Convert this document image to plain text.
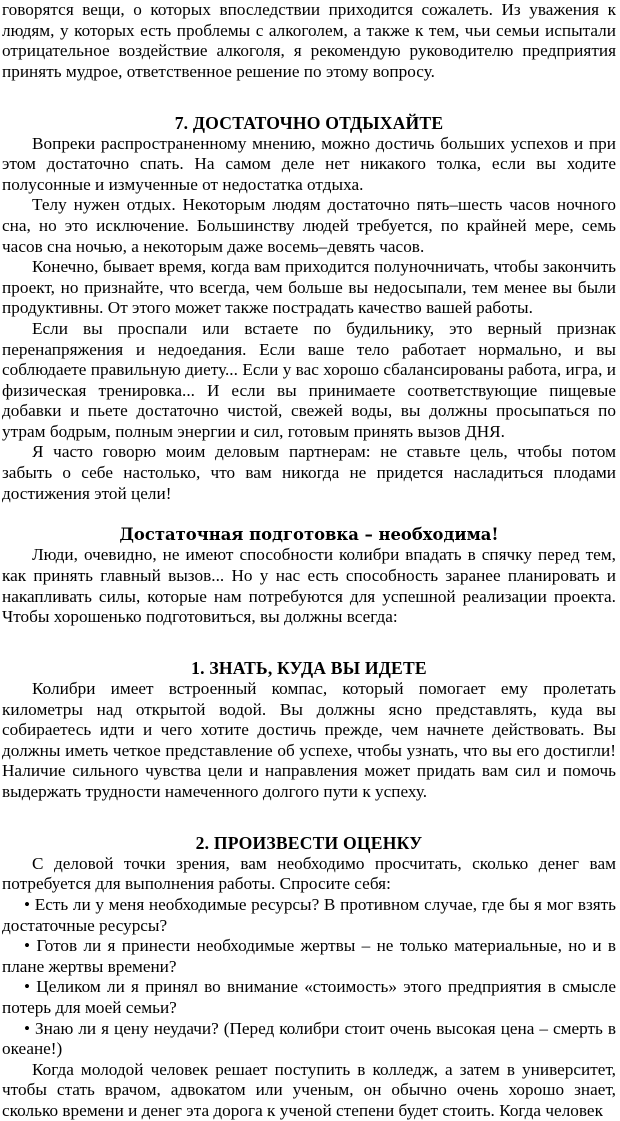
говорятся вещи, о которых впоследствии приходится сожалеть. Из уважения к людям, у которых есть проблемы с алкоголем, а также к тем, чьи семьи испытали отрицательное воздействие алкоголя, я рекомендую руководителю предприятия принять мудрое, ответственное решение по этому вопросу.

7. ДОСТАТОЧНО ОТДЫХАЙТЕ

Вопреки распространенному мнению, можно достичь больших успехов и при этом достаточно спать. На самом деле нет никакого толка, если вы ходите полусонные и измученные от недостатка отдыха.

Телу нужен отдых. Некоторым людям достаточно пять–шесть часов ночного сна, но это исключение. Большинству людей требуется, по крайней мере, семь часов сна ночью, а некоторым даже восемь–девять часов.

Конечно, бывает время, когда вам приходится полуночничать, чтобы закончить проект, но признайте, что всегда, чем больше вы недосыпали, тем менее вы были продуктивны. От этого может также пострадать качество вашей работы.

Если вы проспали или встаете по будильнику, это верный признак перенапряжения и недоедания. Если ваше тело работает нормально, и вы соблюдаете правильную диету... Если у вас хорошо сбалансированы работа, игра, и физическая тренировка... И если вы принимаете соответствующие пищевые добавки и пьете достаточно чистой, свежей воды, вы должны просыпаться по утрам бодрым, полным энергии и сил, готовым принять вызов ДНЯ.

Я часто говорю моим деловым партнерам: не ставьте цель, чтобы потом забыть о себе настолько, что вам никогда не придется насладиться плодами достижения этой цели!

Достаточная подготовка – необходима!

Люди, очевидно, не имеют способности колибри впадать в спячку перед тем, как принять главный вызов... Но у нас есть способность заранее планировать и накапливать силы, которые нам потребуются для успешной реализации проекта. Чтобы хорошенько подготовиться, вы должны всегда:

1. ЗНАТЬ, КУДА ВЫ ИДЕТЕ

Колибри имеет встроенный компас, который помогает ему пролетать километры над открытой водой. Вы должны ясно представлять, куда вы собираетесь идти и чего хотите достичь прежде, чем начнете действовать. Вы должны иметь четкое представление об успехе, чтобы узнать, что вы его достигли! Наличие сильного чувства цели и направления может придать вам сил и помочь выдержать трудности намеченного долгого пути к успеху.

2. ПРОИЗВЕСТИ ОЦЕНКУ

С деловой точки зрения, вам необходимо просчитать, сколько денег вам потребуется для выполнения работы. Спросите себя:

• Есть ли у меня необходимые ресурсы? В противном случае, где бы я мог взять достаточные ресурсы?

• Готов ли я принести необходимые жертвы – не только материальные, но и в плане жертвы времени?

• Целиком ли я принял во внимание «стоимость» этого предприятия в смысле потерь для моей семьи?

• Знаю ли я цену неудачи? (Перед колибри стоит очень высокая цена – смерть в океане!)

Когда молодой человек решает поступить в колледж, а затем в университет, чтобы стать врачом, адвокатом или ученым, он обычно очень хорошо знает, сколько времени и денег эта дорога к ученой степени будет стоить. Когда человек
